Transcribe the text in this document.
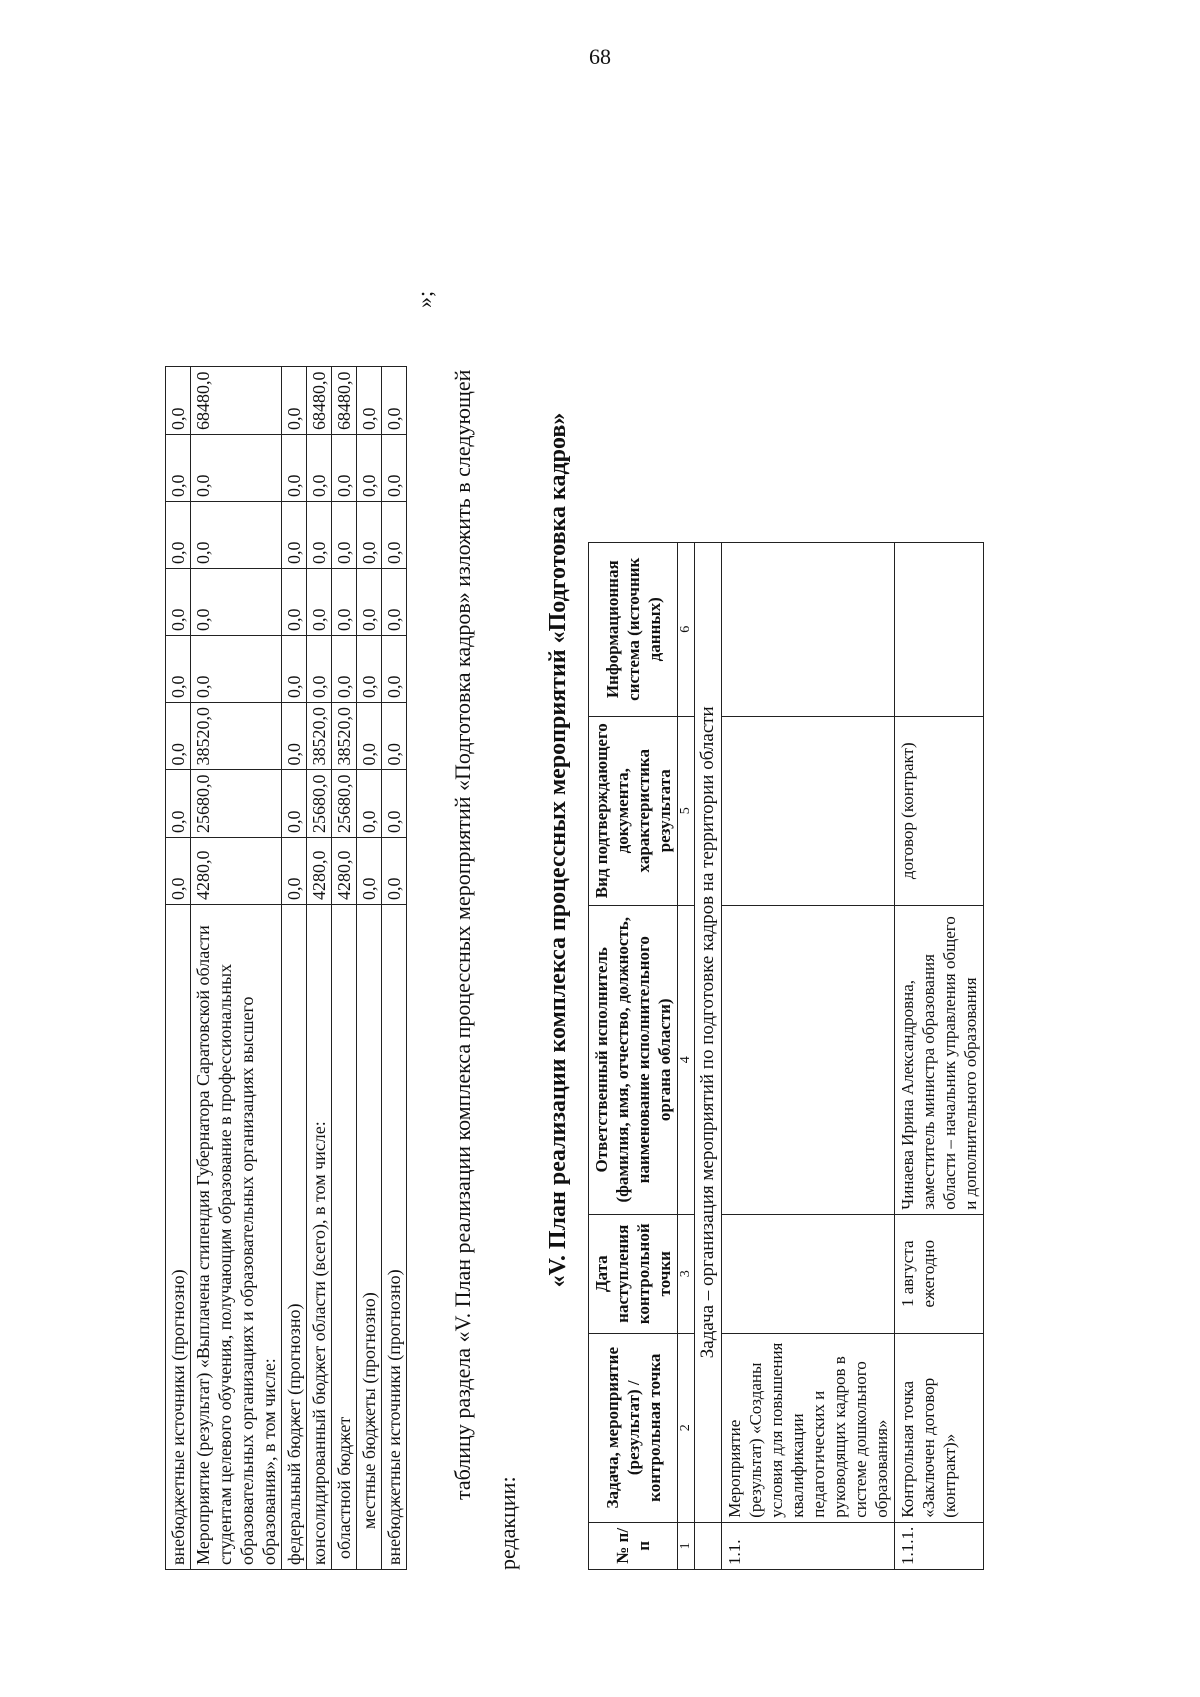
68
внебюджетные источники (прогнозно)	0,0	0,0	0,0	0,0	0,0	0,0	0,0	0,0
Мероприятие (результат) «Выплачена стипендия Губернатора Саратовской области студентам целевого обучения, получающим образование в профессиональных образовательных организациях и образовательных организациях высшего образования», в том числе:	4280,0	25680,0	38520,0	0,0	0,0	0,0	0,0	68480,0
федеральный бюджет (прогнозно)	0,0	0,0	0,0	0,0	0,0	0,0	0,0	0,0
консолидированный бюджет области (всего), в том числе:	4280,0	25680,0	38520,0	0,0	0,0	0,0	0,0	68480,0
областной бюджет	4280,0	25680,0	38520,0	0,0	0,0	0,0	0,0	68480,0
местные бюджеты (прогнозно)	0,0	0,0	0,0	0,0	0,0	0,0	0,0	0,0
внебюджетные источники (прогнозно)	0,0	0,0	0,0	0,0	0,0	0,0	0,0	0,0
»;
таблицу раздела «V. План реализации комплекса процессных мероприятий «Подготовка кадров» изложить в следующей
редакции:
«V. План реализации комплекса процессных мероприятий «Подготовка кадров»
№ п/п	Задача, мероприятие (результат) / контрольная точка	Дата наступления контрольной точки	Ответственный исполнитель (фамилия, имя, отчество, должность, наименование исполнительного органа области)	Вид подтверждающего документа, характеристика результата	Информационная система (источник данных)
1	2	3	4	5	6
	Задача – организация мероприятий по подготовке кадров на территории области				
1.1.	Мероприятие (результат) «Созданы условия для повышения квалификации педагогических и руководящих кадров в системе дошкольного образования»				
1.1.1.	Контрольная точка «Заключен договор (контракт)»	1 августа ежегодно	Чинаева Ирина Александровна, заместитель министра образования области – начальник управления общего и дополнительного образования	договор (контракт)	
